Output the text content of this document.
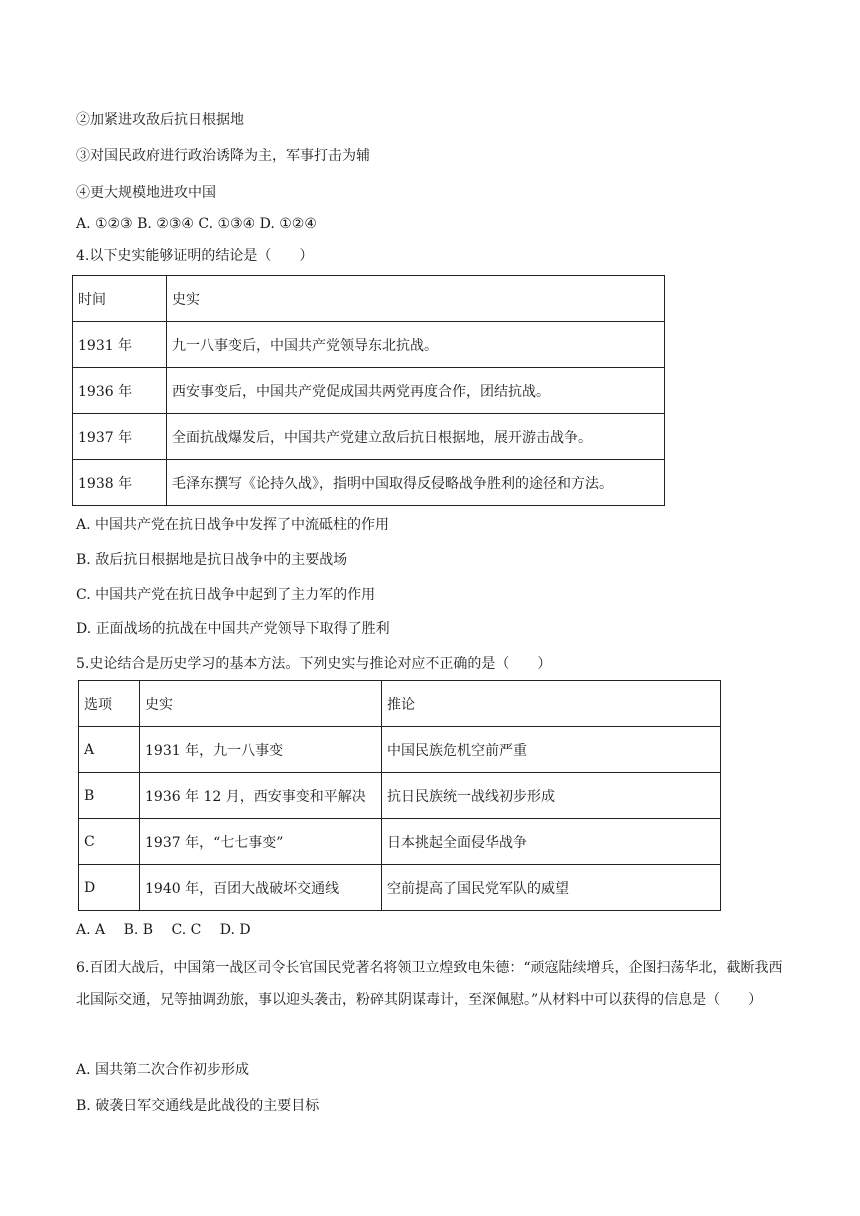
②加紧进攻敌后抗日根据地
③对国民政府进行政治诱降为主，军事打击为辅
④更大规模地进攻中国
A. ①②③ B. ②③④ C. ①③④ D. ①②④
4.以下史实能够证明的结论是（　　）
时间	史实
1931 年	九一八事变后，中国共产党领导东北抗战。
1936 年	西安事变后，中国共产党促成国共两党再度合作，团结抗战。
1937 年	全面抗战爆发后，中国共产党建立敌后抗日根据地，展开游击战争。
1938 年	毛泽东撰写《论持久战》，指明中国取得反侵略战争胜利的途径和方法。
A. 中国共产党在抗日战争中发挥了中流砥柱的作用
B. 敌后抗日根据地是抗日战争中的主要战场
C. 中国共产党在抗日战争中起到了主力军的作用
D. 正面战场的抗战在中国共产党领导下取得了胜利
5.史论结合是历史学习的基本方法。下列史实与推论对应不正确的是（　　）
选项	史实	推论
A	1931 年，九一八事变	中国民族危机空前严重
B	1936 年 12 月，西安事变和平解决	抗日民族统一战线初步形成
C	1937 年，“七七事变”	日本挑起全面侵华战争
D	1940 年，百团大战破坏交通线	空前提高了国民党军队的威望
A. A　 B. B　 C. C　 D. D
6.百团大战后，中国第一战区司令长官国民党著名将领卫立煌致电朱德：“顽寇陆续增兵，企图扫荡华北，截断我西北国际交通，兄等抽调劲旅，事以迎头袭击，粉碎其阴谋毒计，至深佩慰。”从材料中可以获得的信息是（　　）
A. 国共第二次合作初步形成
B. 破袭日军交通线是此战役的主要目标
